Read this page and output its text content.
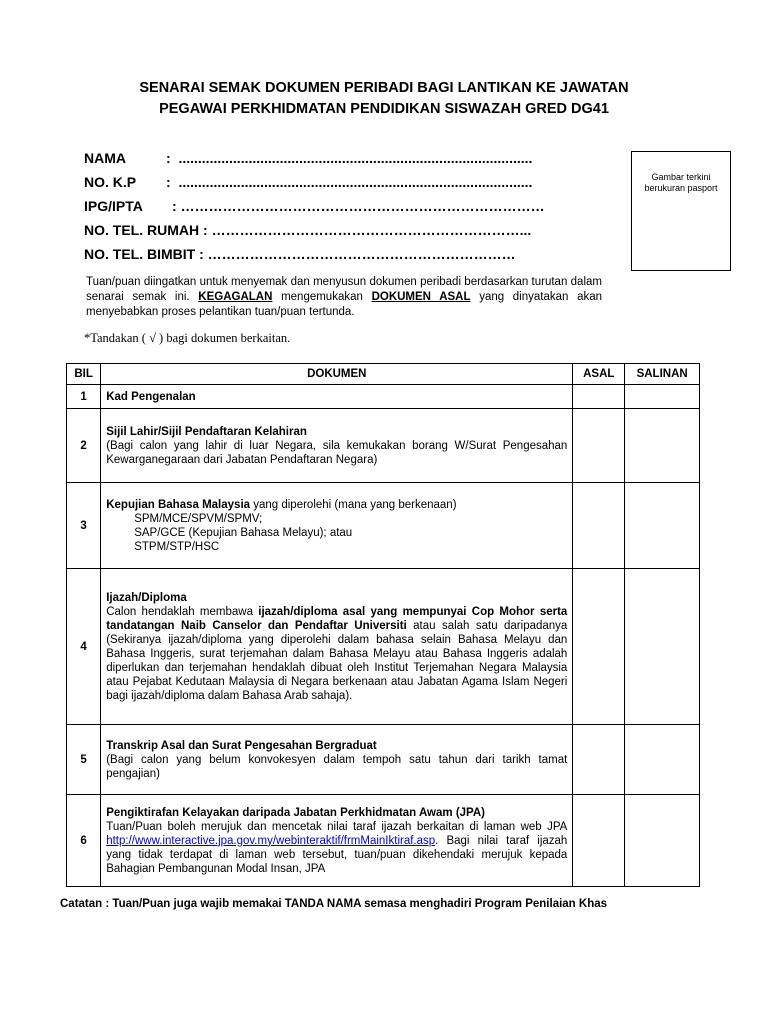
SENARAI SEMAK DOKUMEN PERIBADI BAGI LANTIKAN KE JAWATAN
PEGAWAI PERKHIDMATAN PENDIDIKAN SISWAZAH GRED DG41
NAMA	: ...........................................................................................
NO. K.P : ...........................................................................................
IPG/IPTA : ……………………………………………………………………
NO. TEL. RUMAH : …………………………………………………………...
NO. TEL. BIMBIT : …………………………………………………………
Gambar terkini berukuran pasport
Tuan/puan diingatkan untuk menyemak dan menyusun dokumen peribadi berdasarkan turutan dalam senarai semak ini. KEGAGALAN mengemukakan DOKUMEN ASAL yang dinyatakan akan menyebabkan proses pelantikan tuan/puan tertunda.
*Tandakan ( √ ) bagi dokumen berkaitan.
BIL	DOKUMEN	ASAL	SALINAN
1	Kad Pengenalan		
2	Sijil Lahir/Sijil Pendaftaran Kelahiran
(Bagi calon yang lahir di luar Negara, sila kemukakan borang W/Surat Pengesahan Kewarganegaraan dari Jabatan Pendaftaran Negara)		
3	Kepujian Bahasa Malaysia yang diperolehi (mana yang berkenaan)
SPM/MCE/SPVM/SPMV;
SAP/GCE (Kepujian Bahasa Melayu); atau
STPM/STP/HSC		

4	Ijazah/Diploma
Calon hendaklah membawa ijazah/diploma asal yang mempunyai Cop Mohor serta tandatangan Naib Canselor dan Pendaftar Universiti atau salah satu daripadanya (Sekiranya ijazah/diploma yang diperolehi dalam bahasa selain Bahasa Melayu dan Bahasa Inggeris, surat terjemahan dalam Bahasa Melayu atau Bahasa Inggeris adalah diperlukan dan terjemahan hendaklah dibuat oleh Institut Terjemahan Negara Malaysia atau Pejabat Kedutaan Malaysia di Negara berkenaan atau Jabatan Agama Islam Negeri bagi ijazah/diploma dalam Bahasa Arab sahaja).		
5	Transkrip Asal dan Surat Pengesahan Bergraduat
(Bagi calon yang belum konvokesyen dalam tempoh satu tahun dari tarikh tamat pengajian)		
6	Pengiktirafan Kelayakan daripada Jabatan Perkhidmatan Awam (JPA)
Tuan/Puan boleh merujuk dan mencetak nilai taraf ijazah berkaitan di laman web JPA http://www.interactive.jpa.gov.my/webinteraktif/frmMainIktiraf.asp. Bagi nilai taraf ijazah yang tidak terdapat di laman web tersebut, tuan/puan dikehendaki merujuk kepada Bahagian Pembangunan Modal Insan, JPA		
Catatan : Tuan/Puan juga wajib memakai TANDA NAMA semasa menghadiri Program Penilaian Khas
